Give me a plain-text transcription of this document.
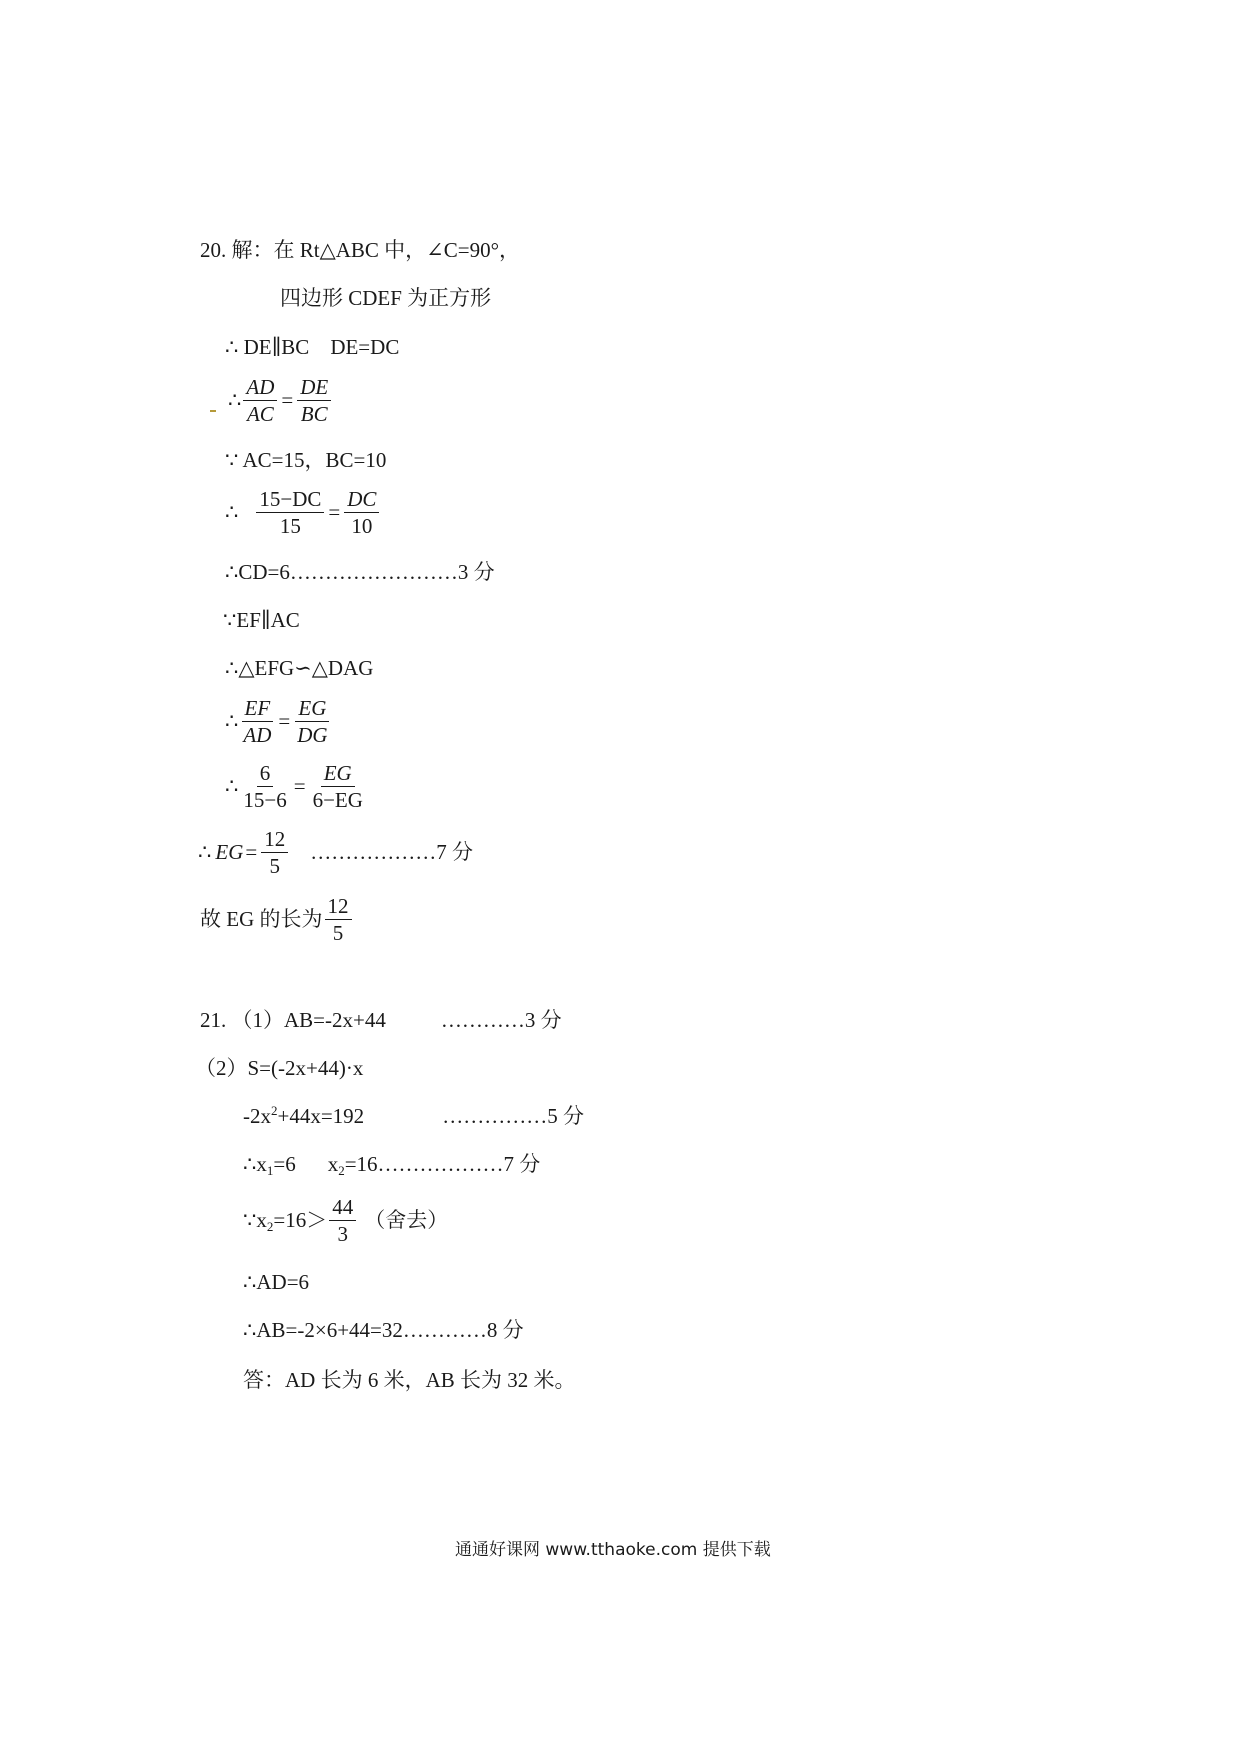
20. 解：在 Rt△ABC 中，∠C=90°，
四边形 CDEF 为正方形
∴ DE∥BC    DE=DC
∴ $\frac{AD}{AC} = \frac{DE}{BC}$
∵ AC=15，BC=10
∴ $\frac{15-DC}{15} = \frac{DC}{10}$
∴CD=6……………………3 分
∵EF∥AC
∴△EFG∽△DAG
∴ $\frac{EF}{AD} = \frac{EG}{DG}$
∴ $\frac{6}{15-6} = \frac{EG}{6-EG}$
∴ EG = $\frac{12}{5}$ ………………7 分
故 EG 的长为 $\frac{12}{5}$
21. （1）AB=-2x+44	…………3 分
（2）S=(-2x+44)·x
-2x 2 +44x=192	……………5 分
∴x 1 =6 x 2 =16………………7 分
∵x $2 =16> \frac{44}{3}$ （舍去）
∴AD=6
∴AB=-2×6+44=32…………8 分
答：AD 长为 6 米，AB 长为 32 米。
通通好课网 www.tthaoke.com 提供下载
